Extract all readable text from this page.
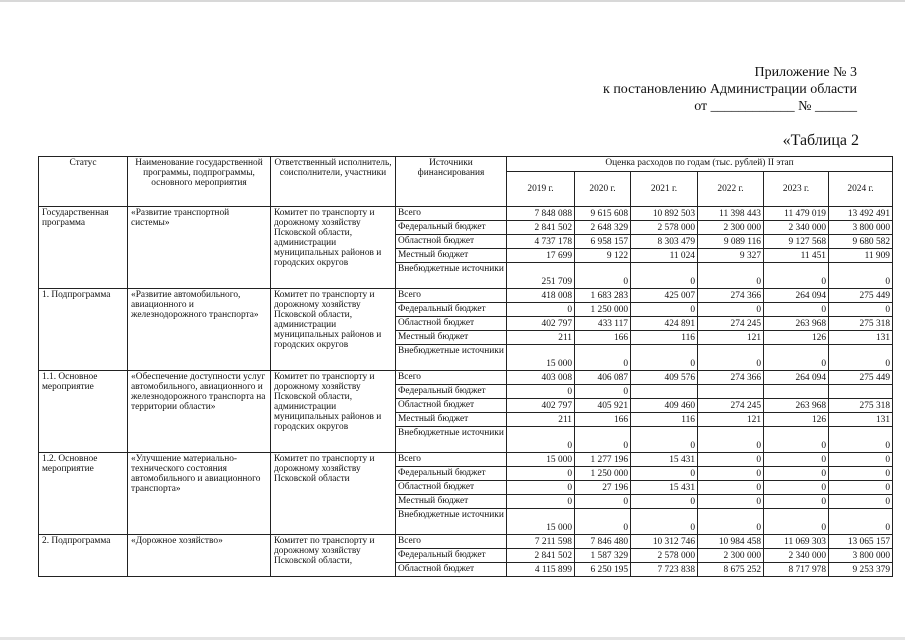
Приложение № 3
к постановлению Администрации области
от ____________ № ______
«Таблица 2
Статус	Наименование государственной программы, подпрограммы, основного мероприятия	Ответственный исполнитель, соисполнители, участники	Источники финансирования	Оценка расходов по годам (тыс. рублей) II этап					
				2019 г.	2020 г.	2021 г.	2022 г.	2023 г.	2024 г.
Государственная программа	«Развитие транспортной системы»	Комитет по транспорту и дорожному хозяйству Псковской области, администрации муниципальных районов и городских округов	Всего	7 848 088	9 615 608	10 892 503	11 398 443	11 479 019	13 492 491
			Федеральный бюджет	2 841 502	2 648 329	2 578 000	2 300 000	2 340 000	3 800 000
			Областной бюджет	4 737 178	6 958 157	8 303 479	9 089 116	9 127 568	9 680 582
			Местный бюджет	17 699	9 122	11 024	9 327	11 451	11 909
			Внебюджетные источники	251 709	0	0	0	0	0
1. Подпрограмма	«Развитие автомобильного, авиационного и железнодорожного транспорта»	Комитет по транспорту и дорожному хозяйству Псковской области, администрации муниципальных районов и городских округов	Всего	418 008	1 683 283	425 007	274 366	264 094	275 449
			Федеральный бюджет	0	1 250 000	0	0	0	0
			Областной бюджет	402 797	433 117	424 891	274 245	263 968	275 318
			Местный бюджет	211	166	116	121	126	131
			Внебюджетные источники	15 000	0	0	0	0	0
1.1. Основное мероприятие	«Обеспечение доступности услуг автомобильного, авиационного и железнодорожного транспорта на территории области»	Комитет по транспорту и дорожному хозяйству Псковской области, администрации муниципальных районов и городских округов	Всего	403 008	406 087	409 576	274 366	264 094	275 449
			Федеральный бюджет	0	0				
			Областной бюджет	402 797	405 921	409 460	274 245	263 968	275 318
			Местный бюджет	211	166	116	121	126	131
			Внебюджетные источники	0	0	0	0	0	0
1.2. Основное мероприятие	«Улучшение материально-технического состояния автомобильного и авиационного транспорта»	Комитет по транспорту и дорожному хозяйству Псковской области	Всего	15 000	1 277 196	15 431	0	0	0
			Федеральный бюджет	0	1 250 000	0	0	0	0
			Областной бюджет	0	27 196	15 431	0	0	0
			Местный бюджет	0	0	0	0	0	0
			Внебюджетные источники	15 000	0	0	0	0	0
2. Подпрограмма	«Дорожное хозяйство»	Комитет по транспорту и дорожному хозяйству Псковской области,	Всего	7 211 598	7 846 480	10 312 746	10 984 458	11 069 303	13 065 157
			Федеральный бюджет	2 841 502	1 587 329	2 578 000	2 300 000	2 340 000	3 800 000
			Областной бюджет	4 115 899	6 250 195	7 723 838	8 675 252	8 717 978	9 253 379
